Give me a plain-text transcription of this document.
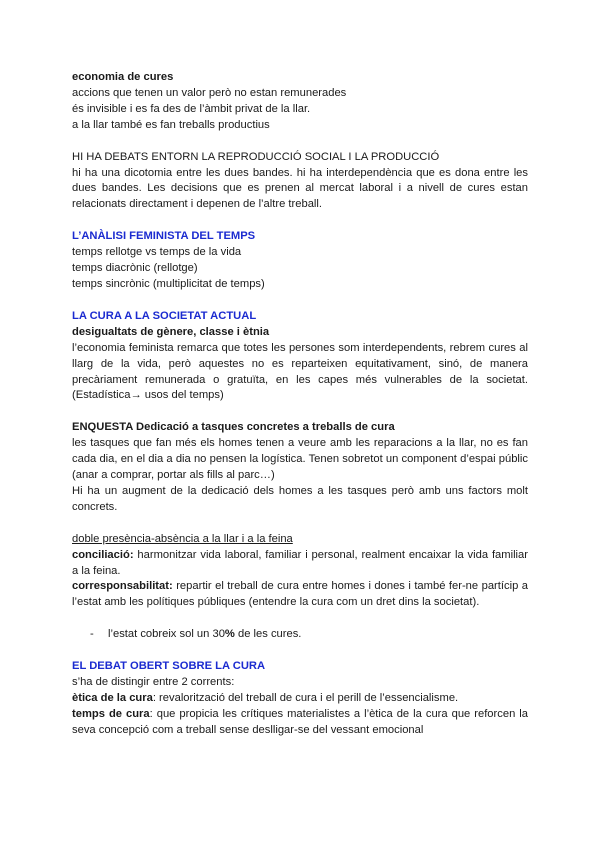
economia de cures

accions que tenen un valor però no estan remunerades

és invisible i es fa des de l’àmbit privat de la llar.

a la llar també es fan treballs productius

HI HA DEBATS ENTORN LA REPRODUCCIÓ SOCIAL I LA PRODUCCIÓ

hi ha una dicotomia entre les dues bandes. hi ha interdependència que es dona entre les dues bandes. Les decisions que es prenen al mercat laboral i a nivell de cures estan relacionats directament i depenen de l’altre treball.

L’ANÀLISI FEMINISTA DEL TEMPS

temps rellotge vs temps de la vida

temps diacrònic (rellotge)

temps sincrònic (multiplicitat de temps)

LA CURA A LA SOCIETAT ACTUAL

desigualtats de gènere, classe i ètnia

l’economia feminista remarca que totes les persones som interdependents, rebrem cures al llarg de la vida, però aquestes no es reparteixen equitativament, sinó, de manera precàriament remunerada o gratuïta, en les capes més vulnerables de la societat. (Estadística→ usos del temps)

ENQUESTA Dedicació a tasques concretes a treballs de cura

les tasques que fan més els homes tenen a veure amb les reparacions a la llar, no es fan cada dia, en el dia a dia no pensen la logística. Tenen sobretot un component d’espai públic (anar a comprar, portar als fills al parc…)

Hi ha un augment de la dedicació dels homes a les tasques però amb uns factors molt concrets.

doble presència-absència a la llar i a la feina

conciliació: harmonitzar vida laboral, familiar i personal, realment encaixar la vida familiar a la feina.

corresponsabilitat: repartir el treball de cura entre homes i dones i també fer-ne partícip a l’estat amb les polítiques públiques (entendre la cura com un dret dins la societat).

- l’estat cobreix sol un 30% de les cures.

EL DEBAT OBERT SOBRE LA CURA

s’ha de distingir entre 2 corrents:

ètica de la cura: revalorització del treball de cura i el perill de l’essencialisme.

temps de cura: que propicia les crítiques materialistes a l’ètica de la cura que reforcen la seva concepció com a treball sense deslligar-se del vessant emocional
